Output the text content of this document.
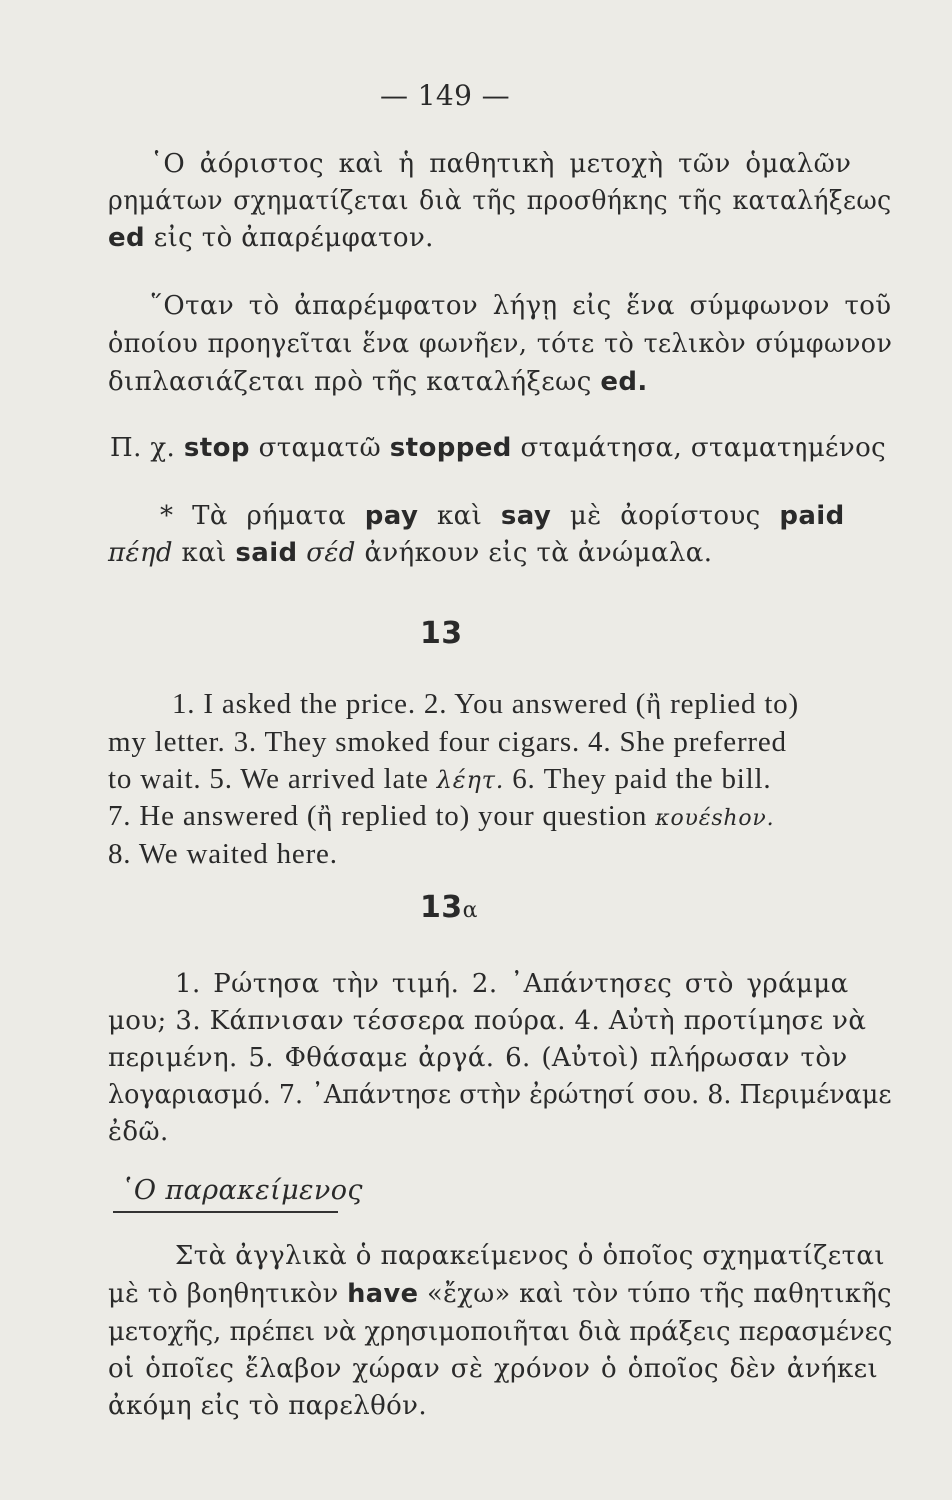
— 149 —
῾Ο ἀόριστος καὶ ἡ παθητικὴ μετοχὴ τῶν ὁμαλῶν
ρημάτων σχηματίζεται διὰ τῆς προσθήκης τῆς καταλήξεως
ed εἰς τὸ ἀπαρέμφατον.
῞Οταν τὸ ἀπαρέμφατον λήγῃ εἰς ἕνα σύμφωνον τοῦ
ὁποίου προηγεῖται ἕνα φωνῆεν, τότε τὸ τελικὸν σύμφωνον
διπλασιάζεται πρὸ τῆς καταλήξεως ed.
Π. χ. stop σταματῶ stopped σταμάτησα, σταματημένος
* Τὰ ρήματα pay καὶ say μὲ ἀορίστους paid
πέηd καὶ said σέd ἀνήκουν εἰς τὰ ἀνώμαλα.
13
1. I asked the price. 2. You answered (ἢ replied to)
my letter. 3. They smoked four cigars. 4. She preferred
to wait. 5. We arrived late λέητ. 6. They paid the bill.
7. He answered (ἢ replied to) your question κουέshoν.
8. We waited here.
13α
1. Ρώτησα τὴν τιμή. 2. ᾿Απάντησες στὸ γράμμα
μου; 3. Κάπνισαν τέσσερα πούρα. 4. Αὐτὴ προτίμησε νὰ
περιμένη. 5. Φθάσαμε ἀργά. 6. (Αὐτοὶ) πλήρωσαν τὸν
λογαριασμό. 7. ᾿Απάντησε στὴν ἐρώτησί σου. 8. Περιμέναμε
ἐδῶ.
῾Ο παρακείμενος
Στὰ ἀγγλικὰ ὁ παρακείμενος ὁ ὁποῖος σχηματίζεται
μὲ τὸ βοηθητικὸν have «ἔχω» καὶ τὸν τύπο τῆς παθητικῆς
μετοχῆς, πρέπει νὰ χρησιμοποιῆται διὰ πράξεις περασμένες
οἱ ὁποῖες ἔλαβον χώραν σὲ χρόνον ὁ ὁποῖος δὲν ἀνήκει
ἀκόμη εἰς τὸ παρελθόν.
